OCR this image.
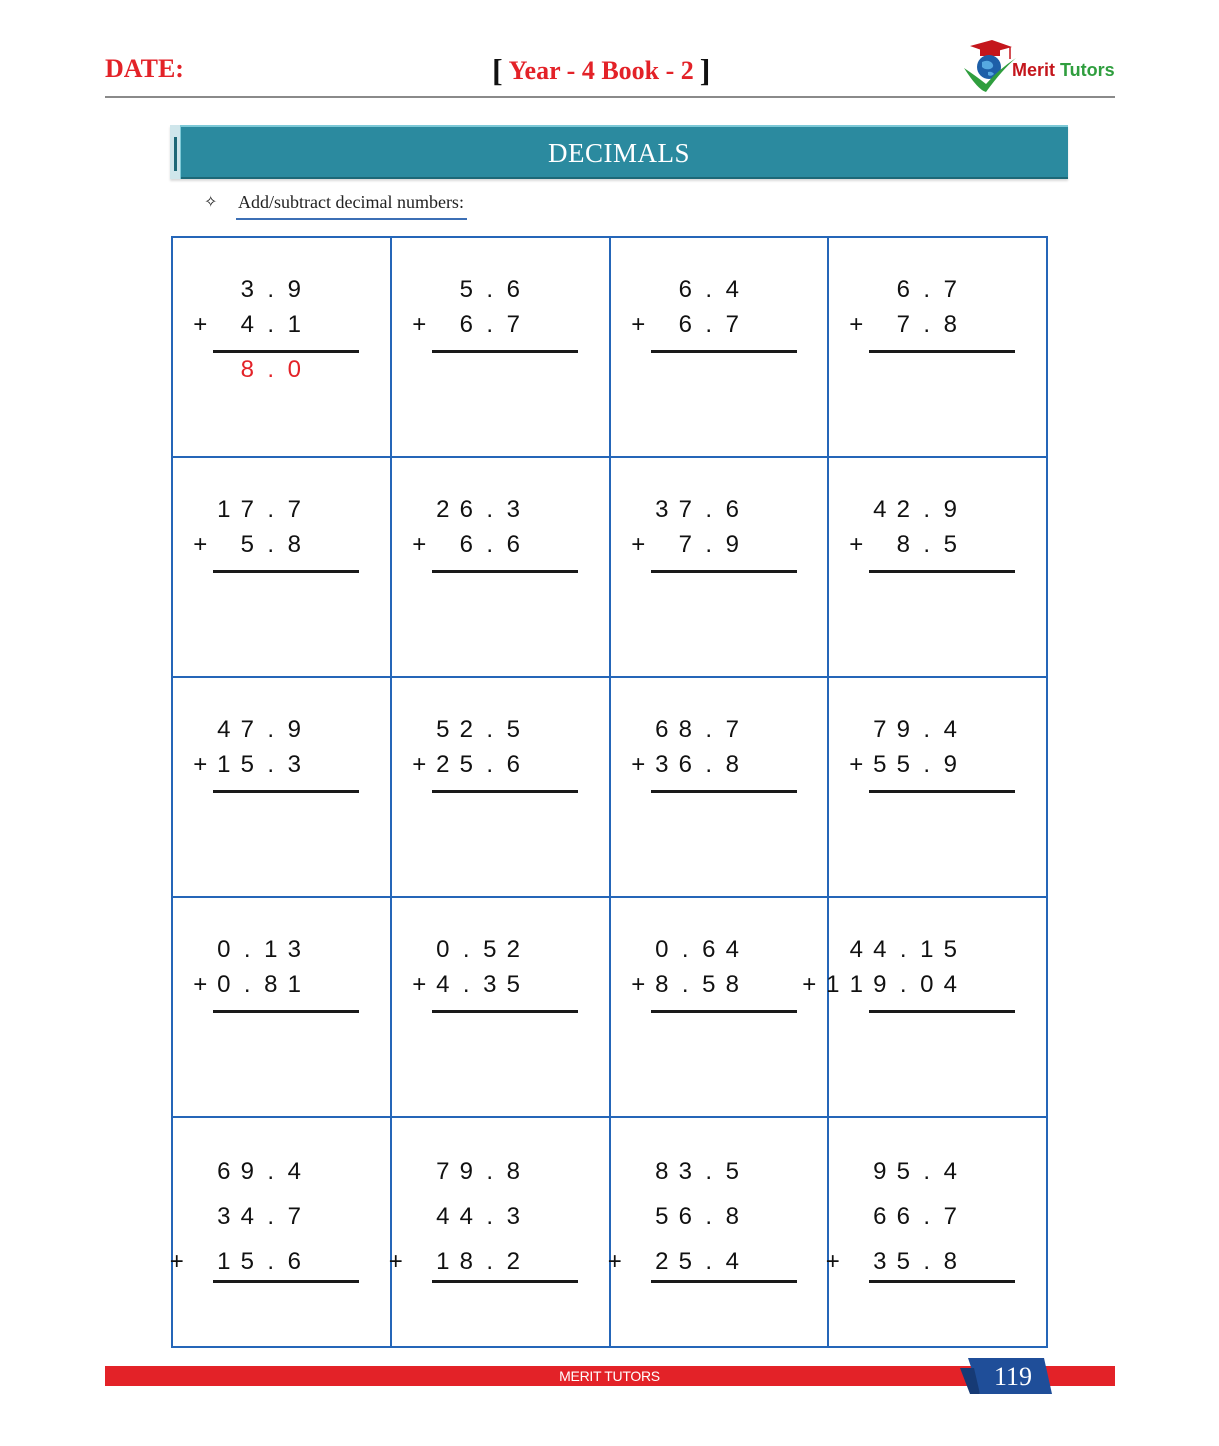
DATE:	[ Year - 4 Book - 2 ]	Merit Tutors
DECIMALS
✧ Add/subtract decimal numbers:
3 . 9
+ 4 . 1
8 . 0
5 . 6
+ 6 . 7
6 . 4
+ 6 . 7
6 . 7
+ 7 . 8
1 7 . 7
+ 5 . 8
2 6 . 3
+ 6 . 6
3 7 . 6
+ 7 . 9
4 2 . 9
+ 8 . 5
4 7 . 9
+ 1 5 . 3
5 2 . 5
+ 2 5 . 6
6 8 . 7
+ 3 6 . 8
7 9 . 4
+ 5 5 . 9
0 . 1 3
+ 0 . 8 1
0 . 5 2
+ 4 . 3 5
0 . 6 4
+ 8 . 5 8
4 4 . 1 5
+ 1 1 9 . 0 4
6 9 . 4
3 4 . 7
+ 1 5 . 6
7 9 . 8
4 4 . 3
+ 1 8 . 2
8 3 . 5
5 6 . 8
+ 2 5 . 4
9 5 . 4
6 6 . 7
+ 3 5 . 8
MERIT TUTORS	119
